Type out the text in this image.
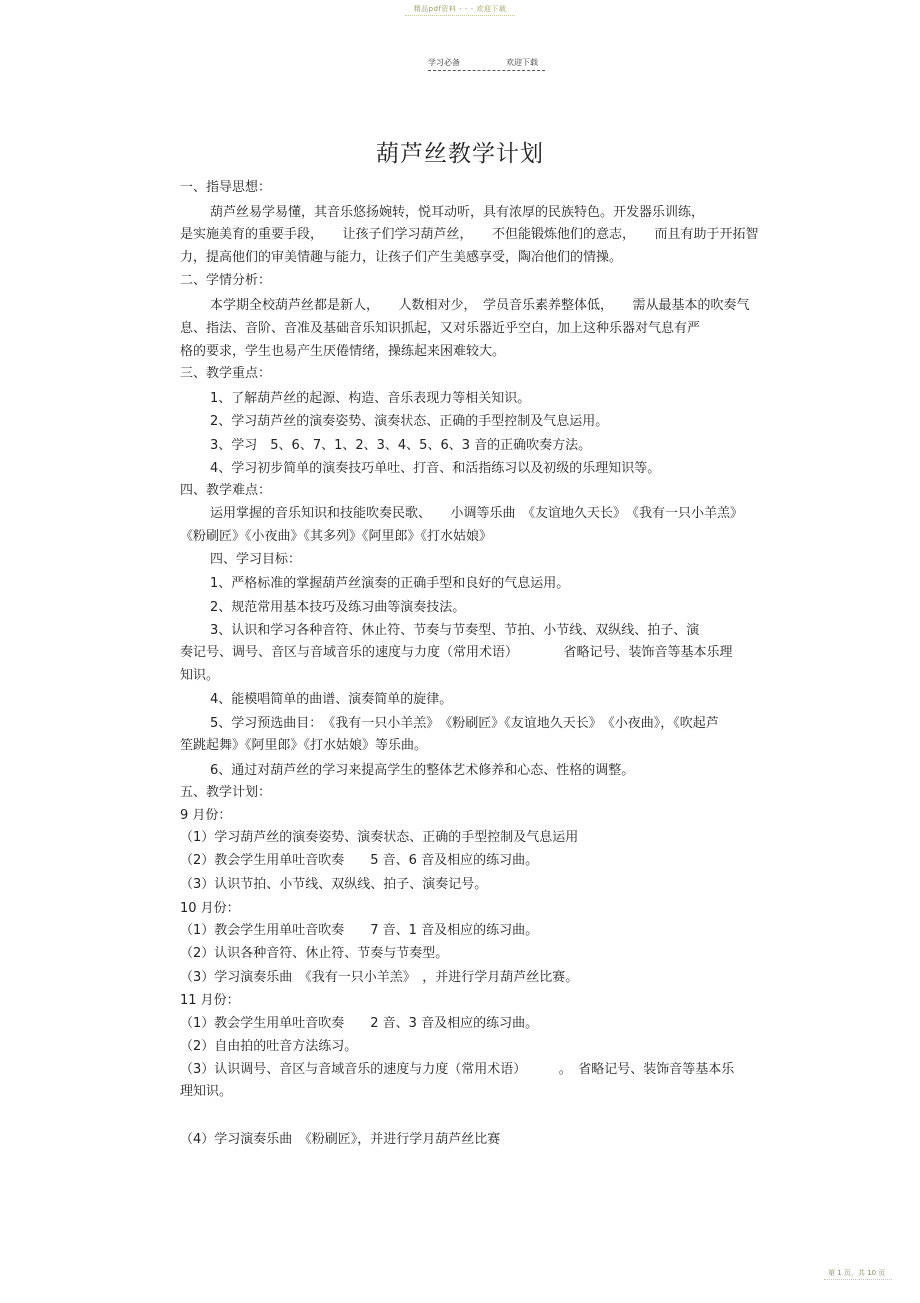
精品pdf资料 - - - 欢迎下载
学习必备	欢迎下载
葫芦丝教学计划
一、指导思想：
葫芦丝易学易懂，其音乐悠扬婉转，悦耳动听，具有浓厚的民族特色。开发器乐训练，
是实施美育的重要手段，　　让孩子们学习葫芦丝，　　不但能锻炼他们的意志，　　而且有助于开拓智
力，提高他们的审美情趣与能力，让孩子们产生美感享受，陶冶他们的情操。
二、学情分析：
本学期全校葫芦丝都是新人，　　人数相对少，　学员音乐素养整体低，　　需从最基本的吹奏气
息、指法、音阶、音准及基础音乐知识抓起，又对乐器近乎空白，加上这种乐器对气息有严
格的要求，学生也易产生厌倦情绪，操练起来困难较大。
三、教学重点：
1、了解葫芦丝的起源、构造、音乐表现力等相关知识。
2、学习葫芦丝的演奏姿势、演奏状态、正确的手型控制及气息运用。
3、学习　5、6、7、1、2、3、4、5、6、3 音的正确吹奏方法。
4、学习初步简单的演奏技巧单吐、打音、和活指练习以及初级的乐理知识等。
四、教学难点：
运用掌握的音乐知识和技能吹奏民歌、　　小调等乐曲　《友谊地久天长》　《我有一只小羊羔》
《粉刷匠》《小夜曲》《其多列》《阿里郎》《打水姑娘》
四、学习目标：
1、严格标准的掌握葫芦丝演奏的正确手型和良好的气息运用。
2、规范常用基本技巧及练习曲等演奏技法。
3、认识和学习各种音符、休止符、节奏与节奏型、节拍、小节线、双纵线、拍子、演
奏记号、调号、音区与音域音乐的速度与力度（常用术语）　　　　省略记号、装饰音等基本乐理
知识。
4、能模唱简单的曲谱、演奏简单的旋律。
5、学习预选曲目：　《我有一只小羊羔》　《粉刷匠》《友谊地久天长》　《小夜曲》，《吹起芦
笙跳起舞》《阿里郎》《打水姑娘》等乐曲。
6、通过对葫芦丝的学习来提高学生的整体艺术修养和心态、性格的调整。
五、教学计划：
9 月份：
（1）学习葫芦丝的演奏姿势、演奏状态、正确的手型控制及气息运用
（2）教会学生用单吐音吹奏　　5 音、6 音及相应的练习曲。
（3）认识节拍、小节线、双纵线、拍子、演奏记号。
10 月份：
（1）教会学生用单吐音吹奏　　7 音、1 音及相应的练习曲。
（2）认识各种音符、休止符、节奏与节奏型。
（3）学习演奏乐曲　《我有一只小羊羔》　，并进行学月葫芦丝比赛。
11 月份：
（1）教会学生用单吐音吹奏　　2 音、3 音及相应的练习曲。
（2）自由拍的吐音方法练习。
（3）认识调号、音区与音域音乐的速度与力度（常用术语）　　　。　省略记号、装饰音等基本乐
理知识。
（4）学习演奏乐曲　《粉刷匠》，并进行学月葫芦丝比赛
第 1 页，共 10 页
